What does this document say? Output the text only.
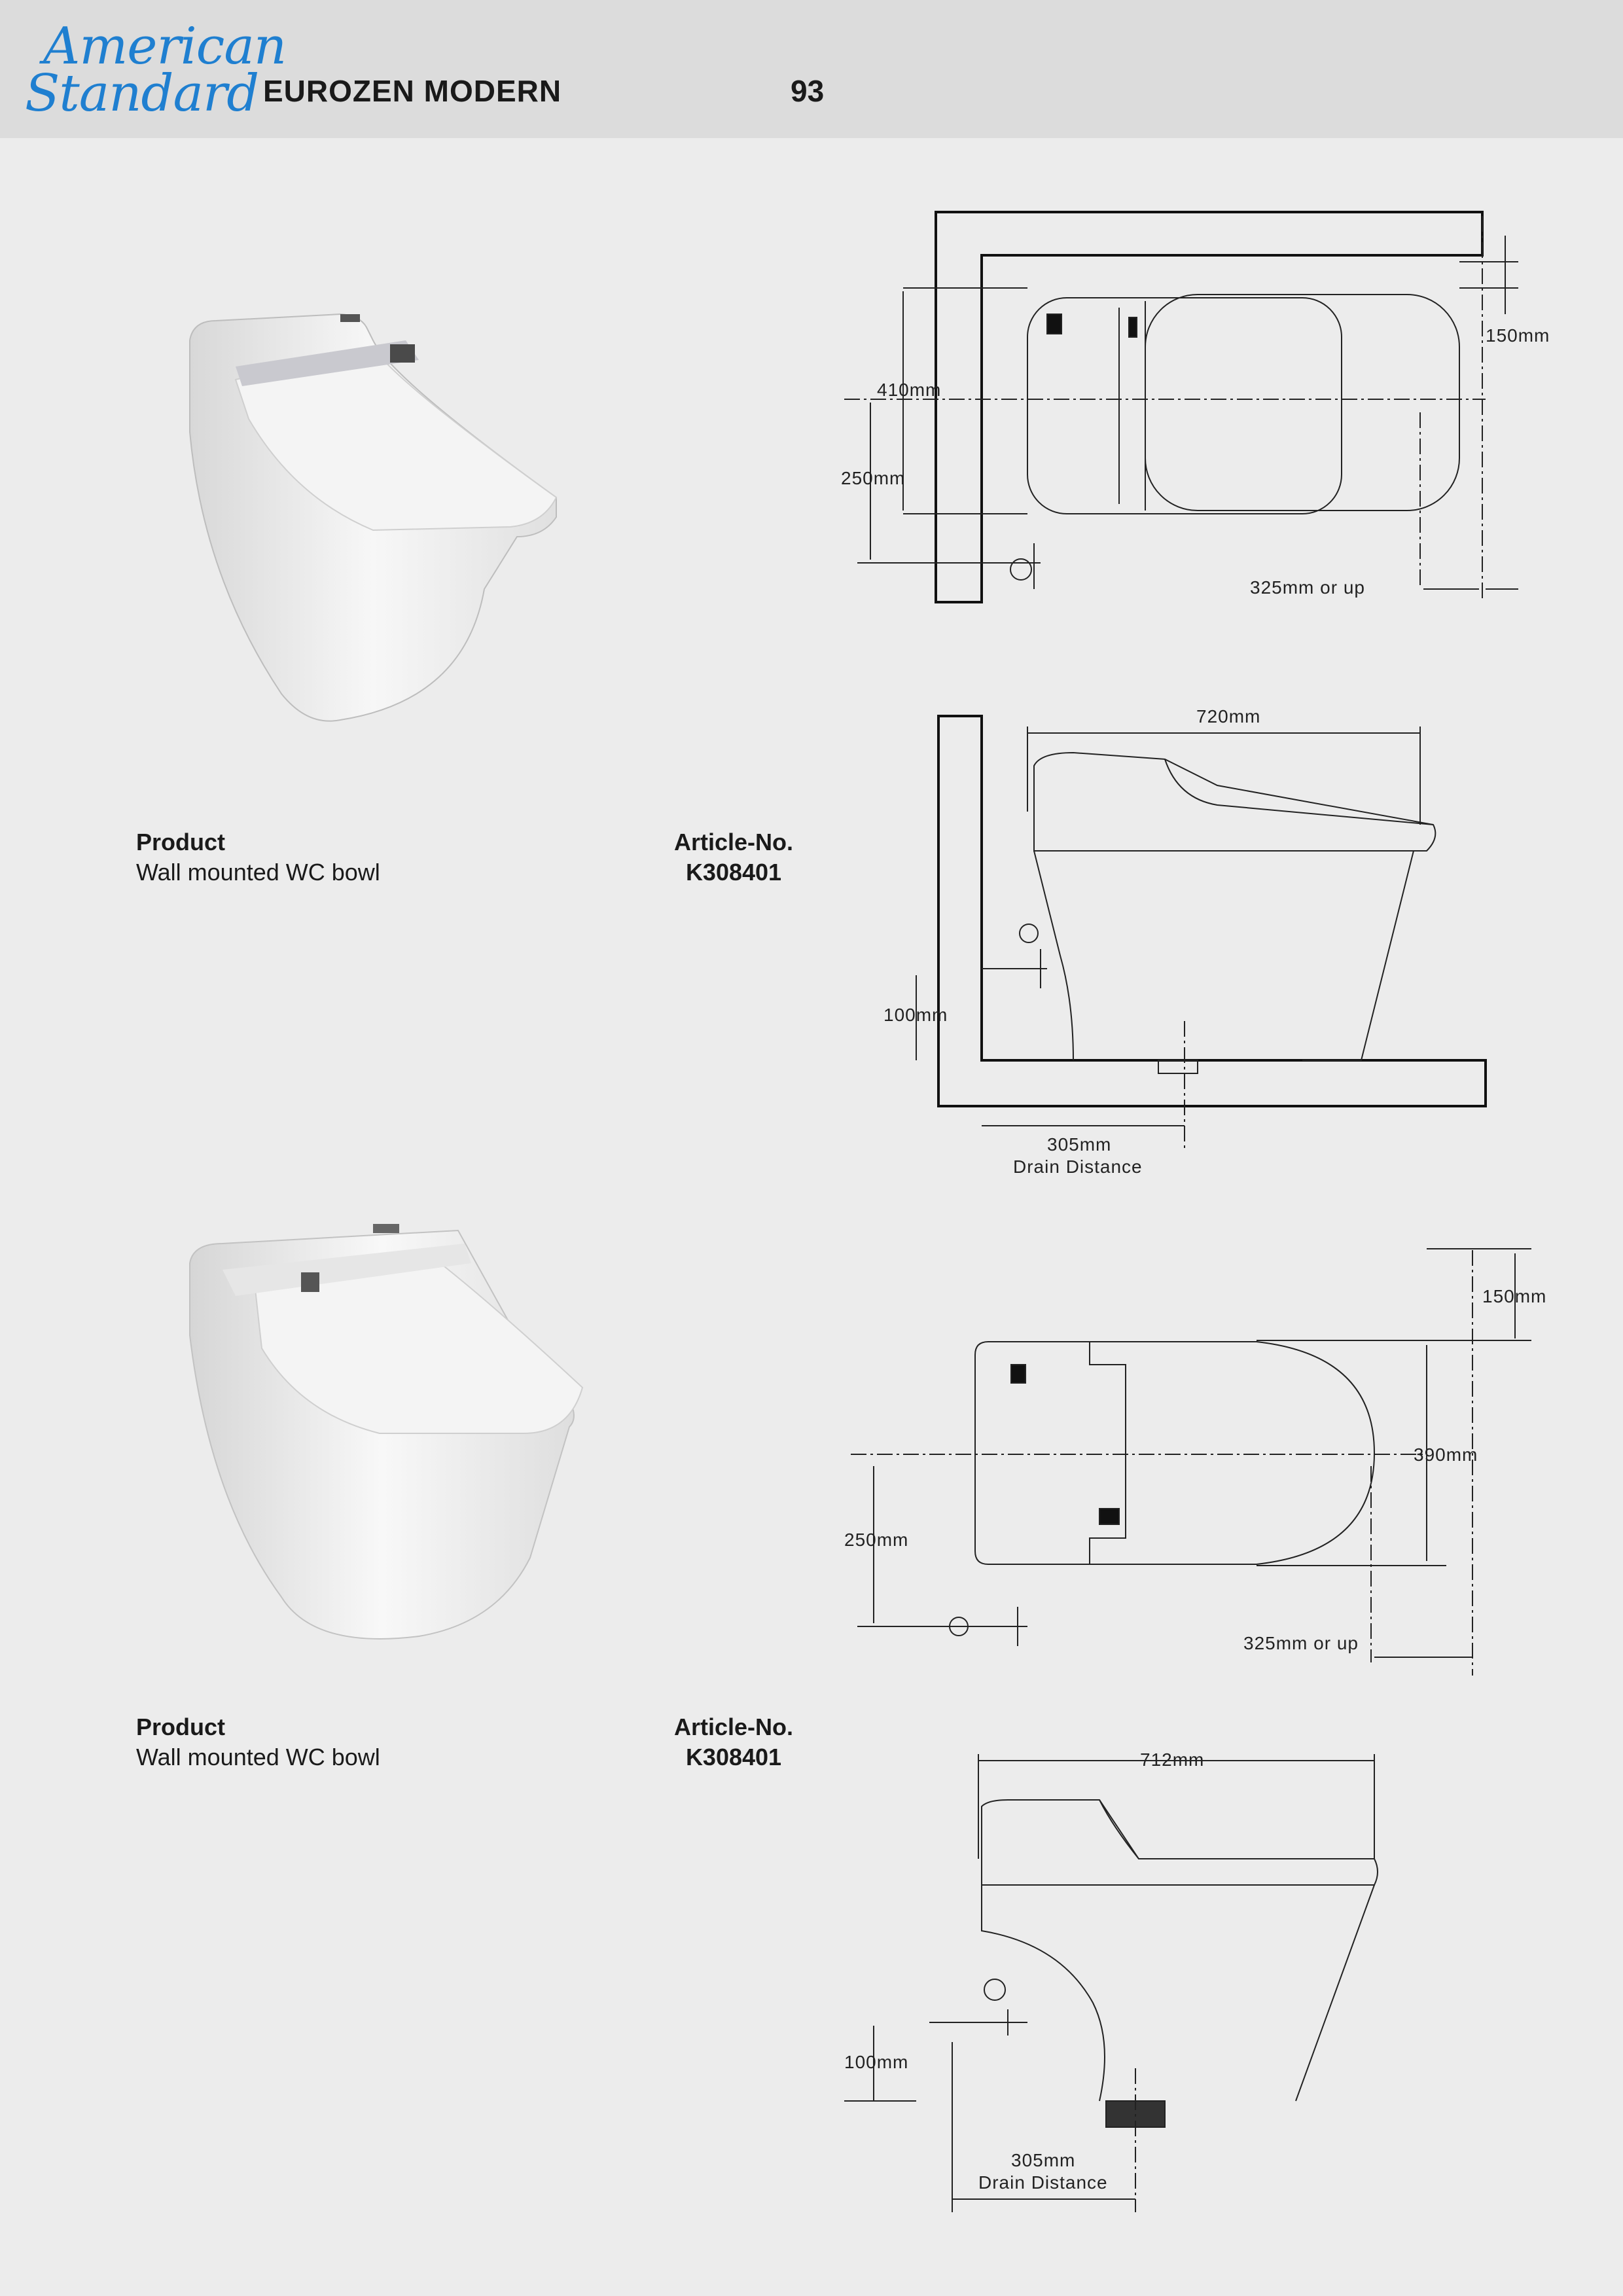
American
Standard EUROZEN MODERN	93
Product
Wall mounted WC bowl
Article-No.
K308401
410mm
250mm
150mm
325mm or up
720mm
100mm
305mm
Drain Distance
Product
Wall mounted WC bowl
Article-No.
K308401
150mm
390mm
250mm
325mm or up
712mm
100mm
305mm
Drain Distance
